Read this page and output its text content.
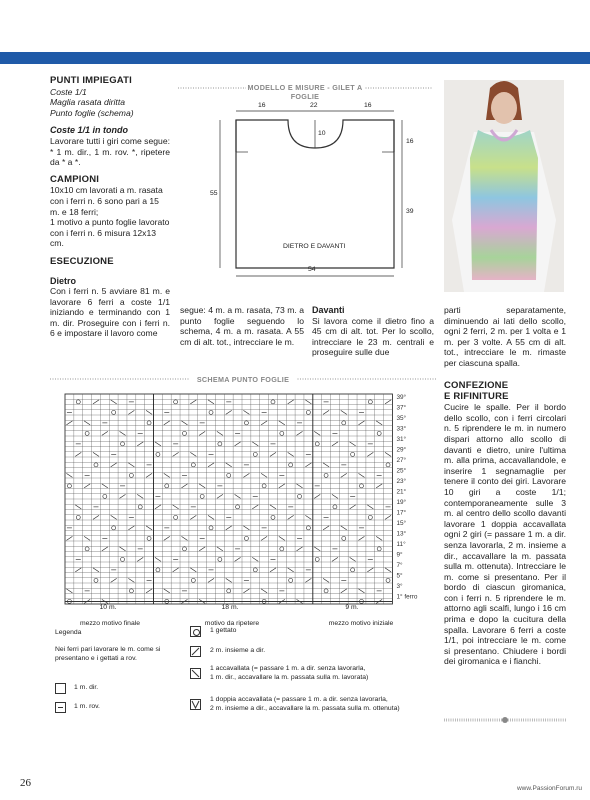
PUNTI IMPIEGATI

Coste 1/1

Maglia rasata diritta

Punto foglie (schema)

Coste 1/1 in tondo

Lavorare tutti i giri come segue: * 1 m. dir., 1 m. rov. *, ripetere da * a *.

CAMPIONI

10x10 cm lavorati a m. rasata con i ferri n. 6 sono pari a 15 m. e 18 ferri;

1 motivo a punto foglie lavorato con i ferri n. 6 misura 12x13 cm.

ESECUZIONE

Dietro

Con i ferri n. 5 avviare 81 m. e lavorare 6 ferri a coste 1/1 iniziando e terminando con 1 m. dir. Proseguire con i ferri n. 6 e impostare il lavoro come

MODELLO E MISURE - GILET A FOGLIE
16	22	16
10
16
55
39
54
DIETRO E DAVANTI

segue: 4 m. a m. rasata, 73 m. a punto foglie seguendo lo schema, 4 m. a m. rasata. A 55 cm di alt. tot., intrecciare le m.

Davanti

Si lavora come il dietro fino a 45 cm di alt. tot. Per lo scollo, intrecciare le 23 m. centrali e proseguire sulle due

parti separatamente, diminuendo ai lati dello scollo, ogni 2 ferri, 2 m. per 1 volta e 1 m. per 3 volte. A 55 cm di alt. tot., intrecciare le m. rimaste per ciascuna spalla.

CONFEZIONE

E RIFINITURE

Cucire le spalle. Per il bordo dello scollo, con i ferri circolari n. 5 riprendere le m. in numero dispari attorno allo scollo di davanti e dietro, unire l'ultima m. alla prima, accavallandole, e inserire 1 segnamaglie per tenere il conto dei giri. Lavorare 10 giri a coste 1/1; contemporaneamente sulle 3 m. al centro dello scollo davanti lavorare 1 doppia accavallata ogni 2 giri (= passare 1 m. a dir. senza lavorarla, 2 m. insieme a dir., accavallare la m. passata sulla m. ottenuta). Intrecciare le m. come si presentano. Per il bordo di ciascun giromanica, con i ferri n. 5 riprendere le m. attorno agli scalfi, lungo i 16 cm prima e dopo la cucitura della spalla. Lavorare 6 ferri a coste 1/1, poi intrecciare le m. come si presentano. Chiudere i bordi dei giromanica e i fianchi.

SCHEMA PUNTO FOGLIE
39°
37°
35°
33°
31°
29°
27°
25°
23°
21°
19°
17°
15°
13°
11°
9°
7°
5°
3°
1° ferro
10 m.	18 m.	9 m.
mezzo motivo finale	motivo da ripetere	mezzo motivo iniziale
Legenda
Nei ferri pari lavorare le m. come si presentano e i gettati a rov.
1 m. dir.
1 m. rov.
1 gettato
2 m. insieme a dir.
1 accavallata (= passare 1 m. a dir. senza lavorarla,
1 m. dir., accavallare la m. passata sulla m. lavorata)
1 doppia accavallata (= passare 1 m. a dir. senza lavorarla,
2 m. insieme a dir., accavallare la m. passata sulla m. ottenuta)
26	www.PassionForum.ru
